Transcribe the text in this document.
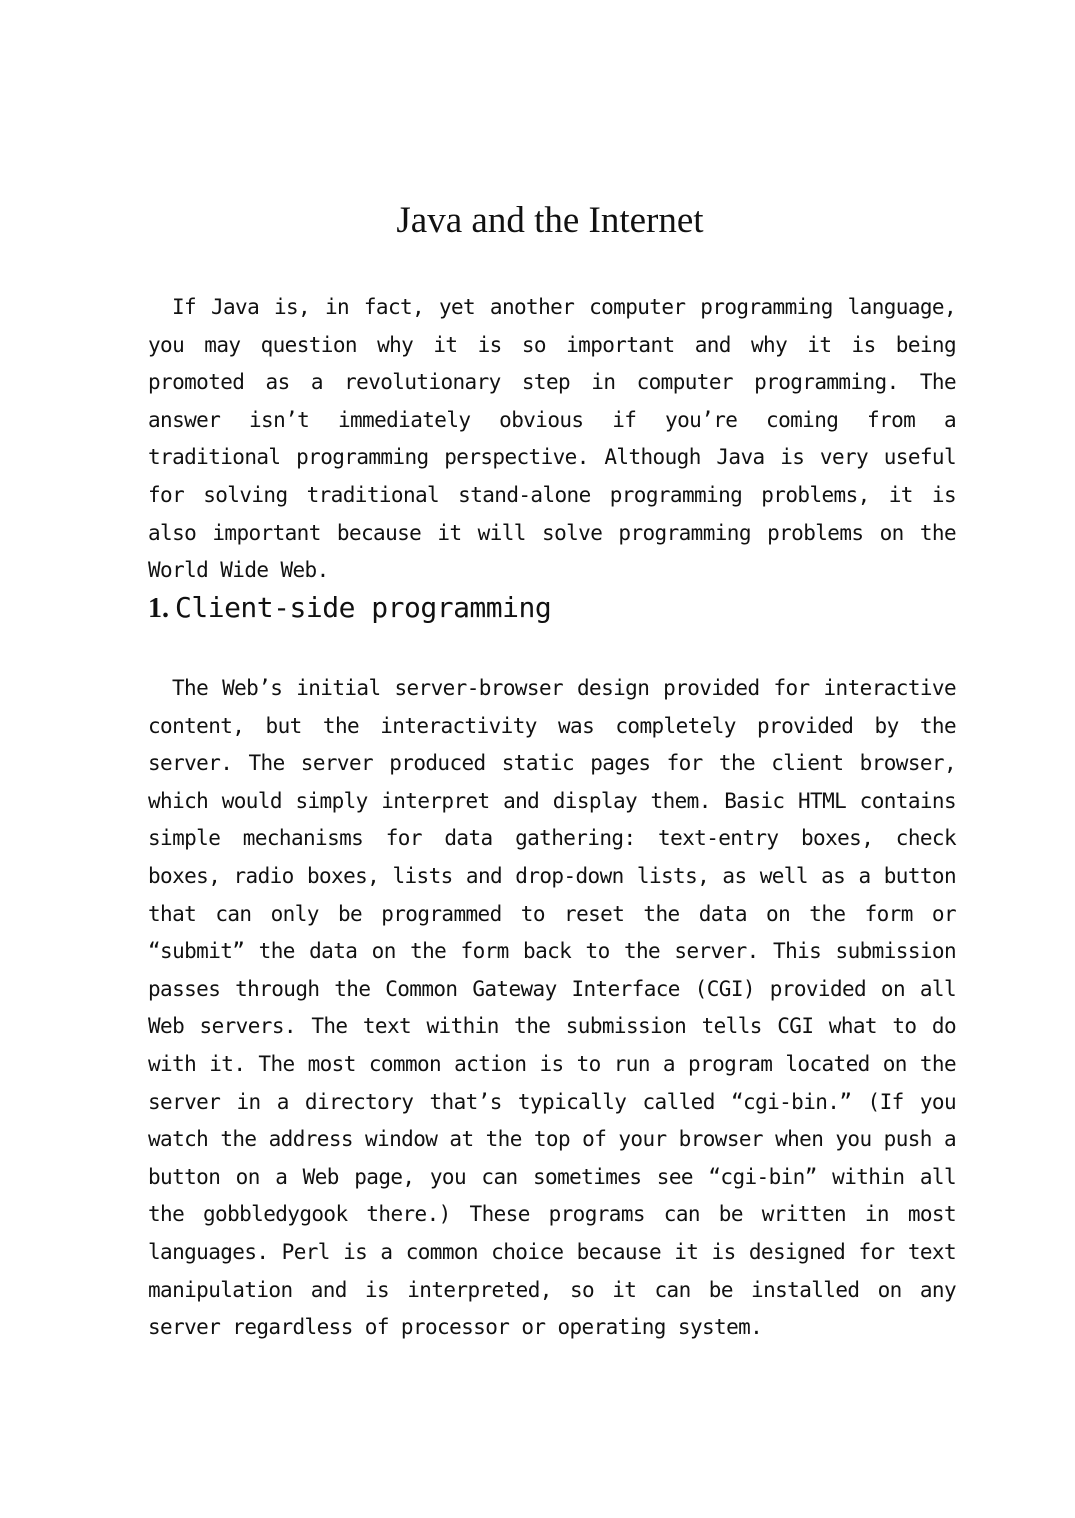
Java and the Internet

If Java is, in fact, yet another computer programming language, you may question why it is so important and why it is being promoted as a revolutionary step in computer programming. The answer isn’t immediately obvious if you’re coming from a traditional programming perspective. Although Java is very useful for solving traditional stand-alone programming problems, it is also important because it will solve programming problems on the World Wide Web.

1. Client-side programming

The Web’s initial server-browser design provided for interactive content, but the interactivity was completely provided by the server. The server produced static pages for the client browser, which would simply interpret and display them. Basic HTML contains simple mechanisms for data gathering: text-entry boxes, check boxes, radio boxes, lists and drop-down lists, as well as a button that can only be programmed to reset the data on the form or “submit” the data on the form back to the server. This submission passes through the Common Gateway Interface (CGI) provided on all Web servers. The text within the submission tells CGI what to do with it. The most common action is to run a program located on the server in a directory that’s typically called “cgi-bin.” (If you watch the address window at the top of your browser when you push a button on a Web page, you can sometimes see “cgi-bin” within all the gobbledygook there.) These programs can be written in most languages. Perl is a common choice because it is designed for text manipulation and is interpreted, so it can be installed on any server regardless of processor or operating system.
